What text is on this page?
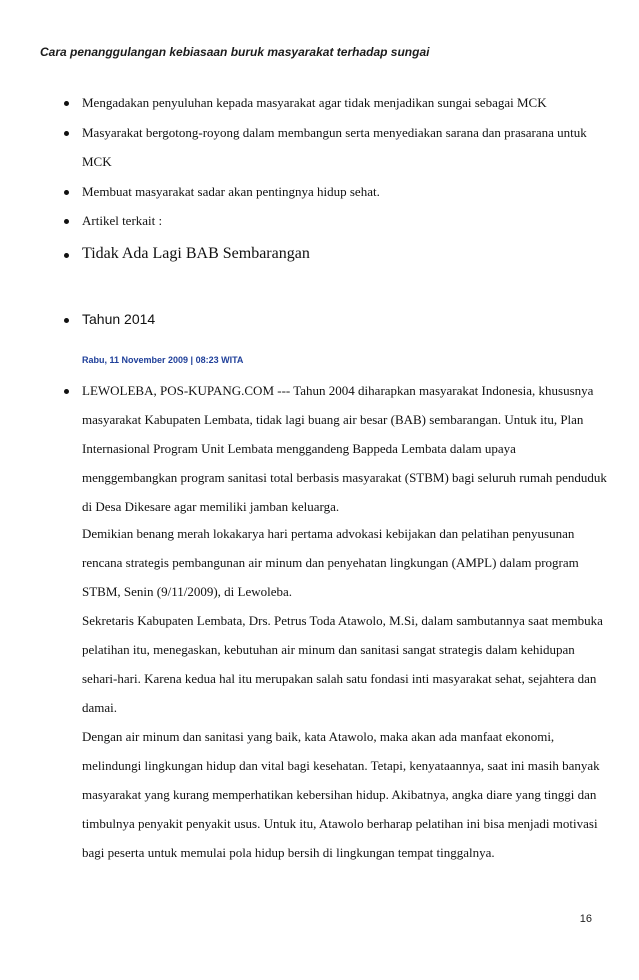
Cara penanggulangan kebiasaan buruk masyarakat terhadap sungai

Mengadakan penyuluhan kepada masyarakat agar tidak menjadikan sungai sebagai MCK

Masyarakat bergotong-royong dalam membangun serta menyediakan sarana dan prasarana untuk

MCK

Membuat masyarakat sadar akan pentingnya hidup sehat.

Artikel terkait :

Tidak Ada Lagi BAB Sembarangan

Tahun 2014

Rabu, 11 November 2009 | 08:23 WITA

LEWOLEBA, POS-KUPANG.COM --- Tahun 2004 diharapkan masyarakat Indonesia, khususnya

masyarakat Kabupaten Lembata, tidak lagi buang air besar (BAB) sembarangan. Untuk itu, Plan

Internasional Program Unit Lembata menggandeng Bappeda Lembata dalam upaya

menggembangkan program sanitasi total berbasis masyarakat (STBM) bagi seluruh rumah penduduk

di Desa Dikesare agar memiliki jamban keluarga.

Demikian benang merah lokakarya hari pertama advokasi kebijakan dan pelatihan penyusunan

rencana strategis pembangunan air minum dan penyehatan lingkungan (AMPL) dalam program

STBM, Senin (9/11/2009), di Lewoleba.

Sekretaris Kabupaten Lembata, Drs. Petrus Toda Atawolo, M.Si, dalam sambutannya saat membuka

pelatihan itu, menegaskan, kebutuhan air minum dan sanitasi sangat strategis dalam kehidupan

sehari-hari. Karena kedua hal itu merupakan salah satu fondasi inti masyarakat sehat, sejahtera dan

damai.

Dengan air minum dan sanitasi yang baik, kata Atawolo, maka akan ada manfaat ekonomi,

melindungi lingkungan hidup dan vital bagi kesehatan. Tetapi, kenyataannya, saat ini masih banyak

masyarakat yang kurang memperhatikan kebersihan hidup. Akibatnya, angka diare yang tinggi dan

timbulnya penyakit penyakit usus. Untuk itu, Atawolo berharap pelatihan ini bisa menjadi motivasi

bagi peserta untuk memulai pola hidup bersih di lingkungan tempat tinggalnya.

16
